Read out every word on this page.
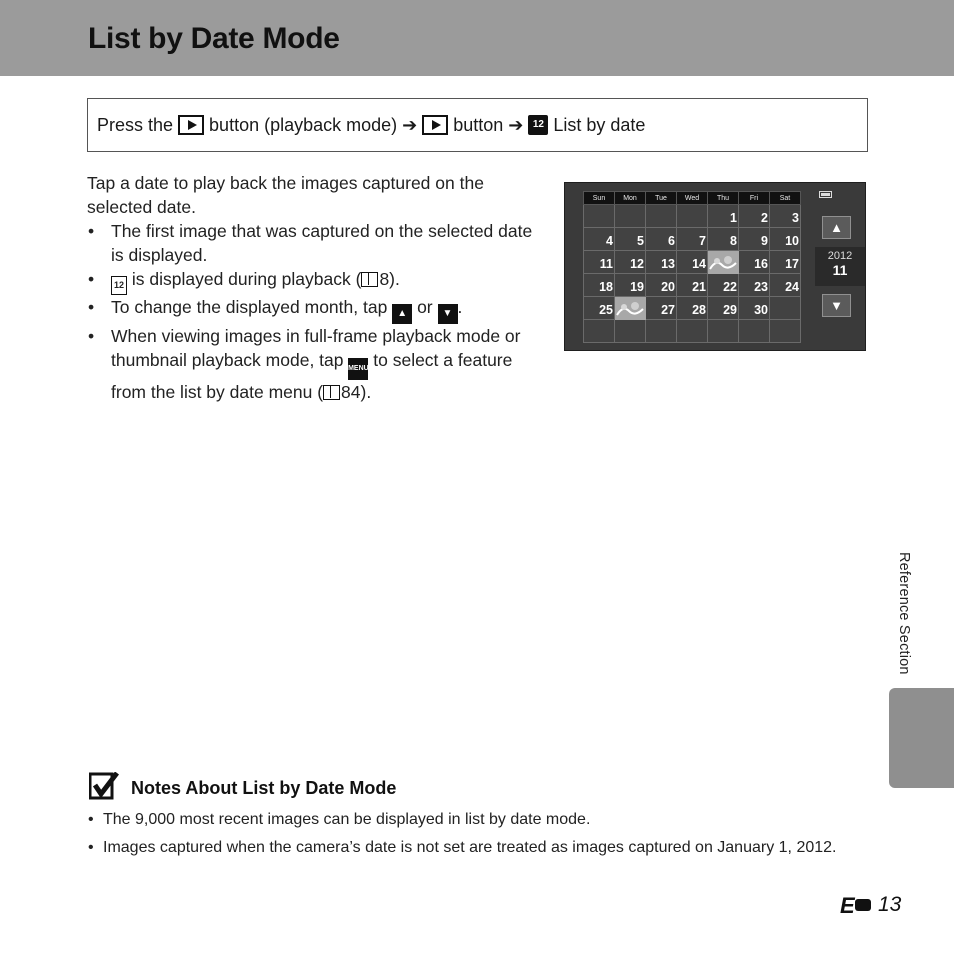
List by Date Mode
Press the button (playback mode) ➔ button ➔ 12 List by date

Tap a date to play back the images captured on the selected date.

• The first image that was captured on the selected date is displayed.
• 12 is displayed during playback ( 8).
• To change the displayed month, tap ▲ or ▼ .
• When viewing images in full-frame playback mode or thumbnail playback mode, tap MENU to select a feature from the list by date menu ( 84).
Sun	Mon	Tue	Wed	Thu	Fri	Sat
				1	2	3
4	5	6	7	8	9	10
11	12	13	14		16	17
18	19	20	21	22	23	24
25		27	28	29	30	

▲
2012
11
▼
Reference Section
Notes About List by Date Mode
• The 9,000 most recent images can be displayed in list by date mode.
• Images captured when the camera’s date is not set are treated as images captured on January 1, 2012.
E 13
